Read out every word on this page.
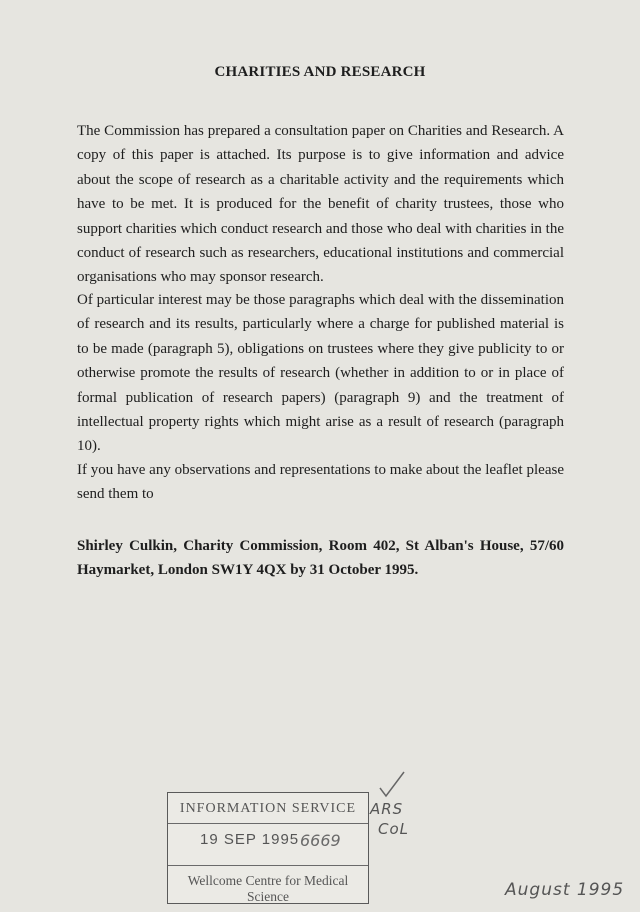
CHARITIES AND RESEARCH

The Commission has prepared a consultation paper on Charities and Research. A copy of this paper is attached. Its purpose is to give information and advice about the scope of research as a charitable activity and the requirements which have to be met. It is produced for the benefit of charity trustees, those who support charities which conduct research and those who deal with charities in the conduct of research such as researchers, educational institutions and commercial organisations who may sponsor research.

Of particular interest may be those paragraphs which deal with the dissemination of research and its results, particularly where a charge for published material is to be made (paragraph 5), obligations on trustees where they give publicity to or otherwise promote the results of research (whether in addition to or in place of formal publication of research papers) (paragraph 9) and the treatment of intellectual property rights which might arise as a result of research (paragraph 10).

If you have any observations and representations to make about the leaflet please send them to

Shirley Culkin, Charity Commission, Room 402, St Alban's House, 57/60 Haymarket, London SW1Y 4QX by 31 October 1995.

INFORMATION SERVICE
19 SEP 1995 6669
Wellcome Centre for Medical Science
ARS
CoL
August 1995
